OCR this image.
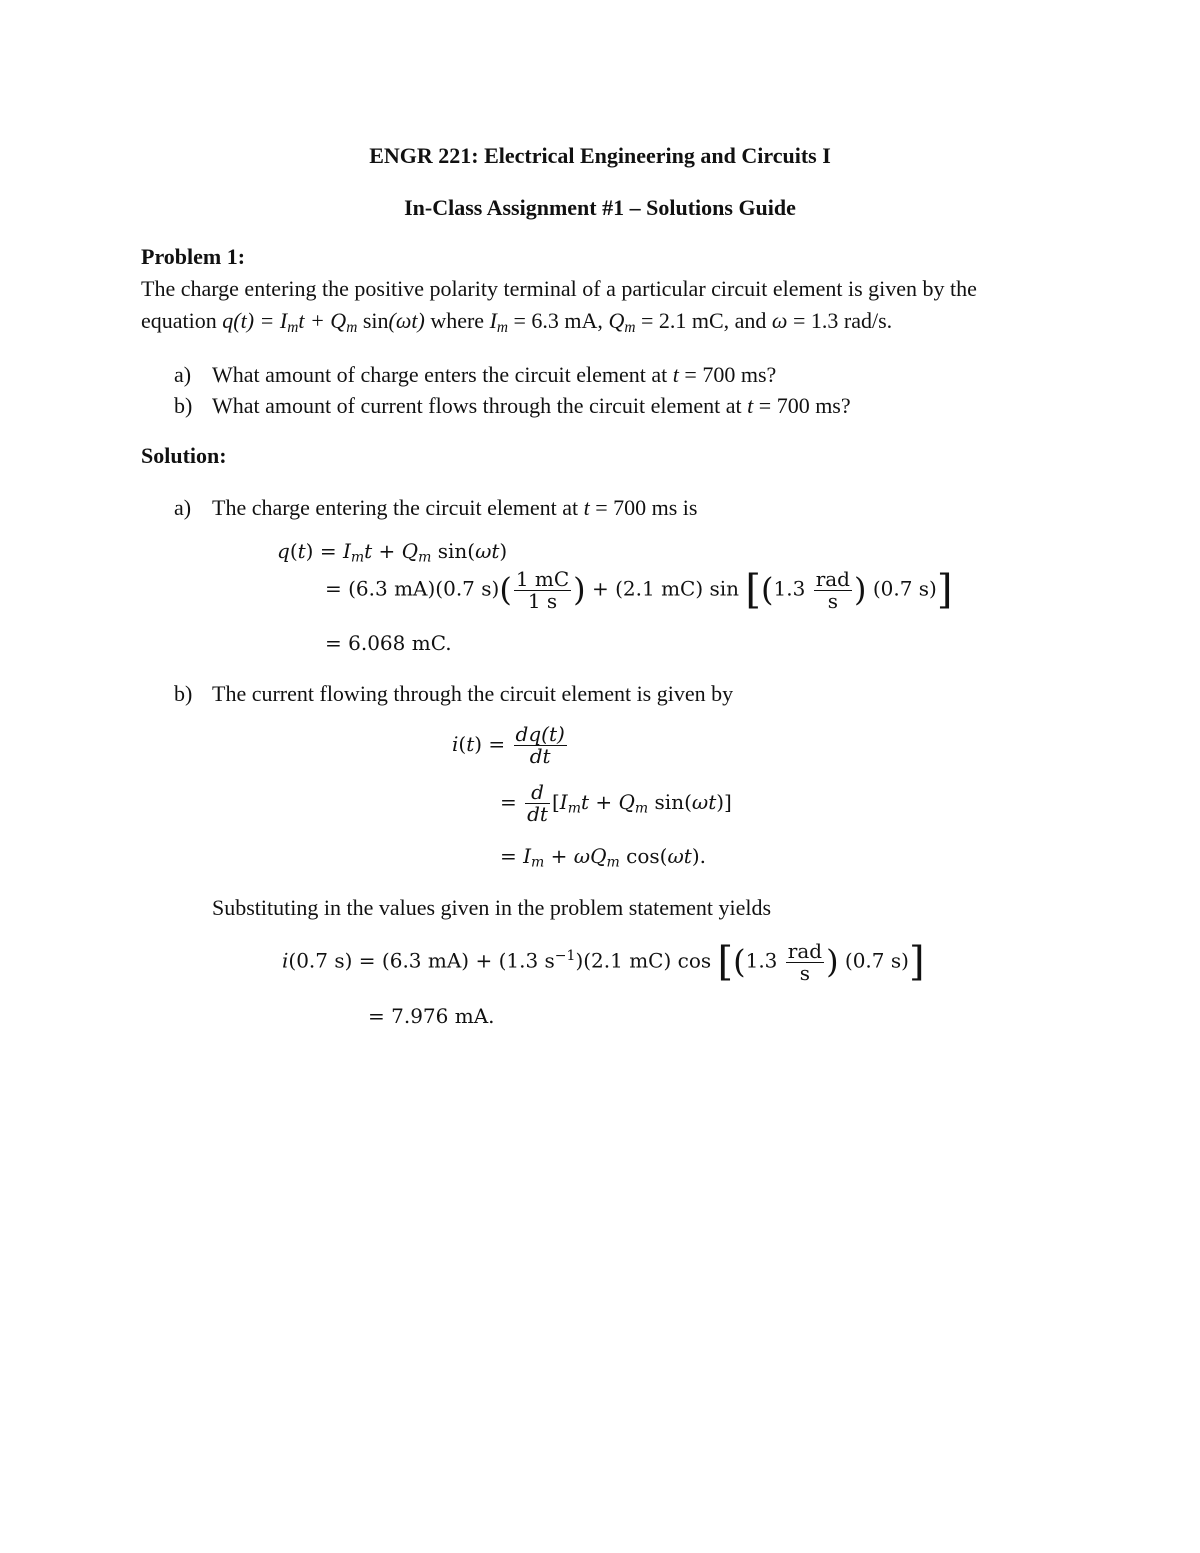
ENGR 221: Electrical Engineering and Circuits I
In-Class Assignment #1 – Solutions Guide
Problem 1:
The charge entering the positive polarity terminal of a particular circuit element is given by the
equation $q(t) = I_mt + Q_m$ sin(ωt) where $I_m = 6.3$ mA, $Q_m = 2.1$ mC, and ω = 1.3 rad/s.
a) What amount of charge enters the circuit element at t = 700 ms?
b) What amount of current flows through the circuit element at t = 700 ms?
Solution:
a) The charge entering the circuit element at t = 700 ms is
$q(t) = I_mt + Q_m$ sin(ωt)
= (6.3 mA)(0.7 $s)( \frac{1 mC}{1 s}$ ) + (2.1 mC) $\sin [(1.3 \frac{\text{rad}}{s}$ ) (0.7 s)]
= 6.068 mC.
b) The current flowing through the circuit element is given by
$i(t) = \frac{dq(t)}{dt}$
= $\frac{d}{dt} [I_mt + Q_m$ sin(ωt)]
= $I_m + \omega Q_m$ cos(ωt).
Substituting in the values given in the problem statement yields
i(0.7 s) = (6.3 mA) + (1.3 $s^{-1})(2.1$ mC) $\cos [(1.3 \frac{\text{rad}}{s}$ ) (0.7 s)]
= 7.976 mA.
